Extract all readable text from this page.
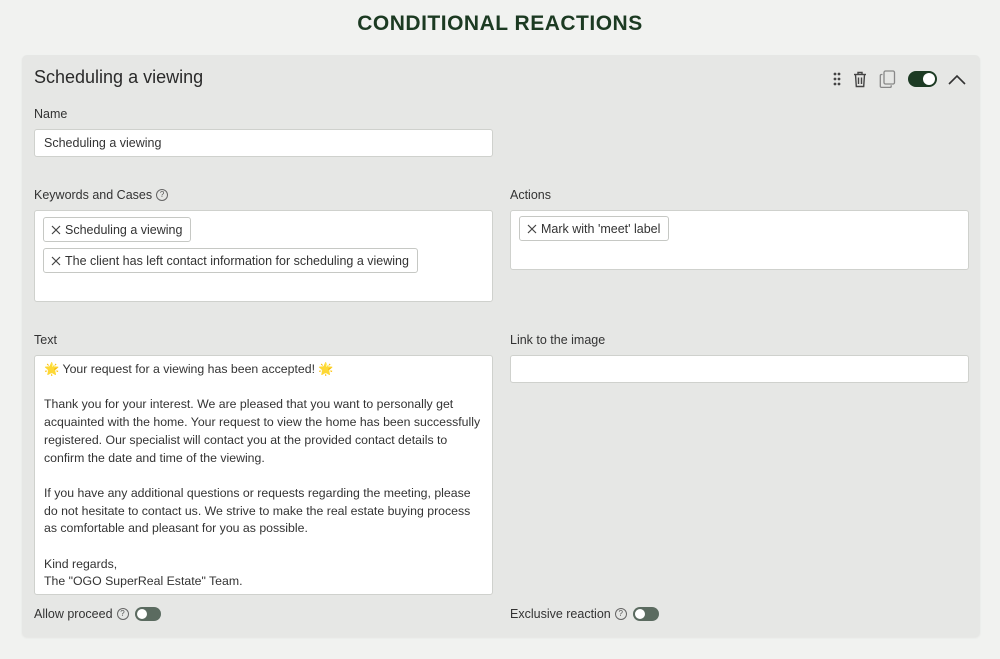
CONDITIONAL REACTIONS
Scheduling a viewing
Name
Scheduling a viewing
Keywords and Cases ?
Scheduling a viewing
The client has left contact information for scheduling a viewing
Actions
Mark with 'meet' label
Text
🌟 Your request for a viewing has been accepted! 🌟

Thank you for your interest. We are pleased that you want to personally get acquainted with the home. Your request to view the home has been successfully registered. Our specialist will contact you at the provided contact details to confirm the date and time of the viewing.

If you have any additional questions or requests regarding the meeting, please do not hesitate to contact us. We strive to make the real estate buying process as comfortable and pleasant for you as possible.

Kind regards,
The "OGO SuperReal Estate" Team.
Link to the image
Allow proceed ?	Exclusive reaction ?
